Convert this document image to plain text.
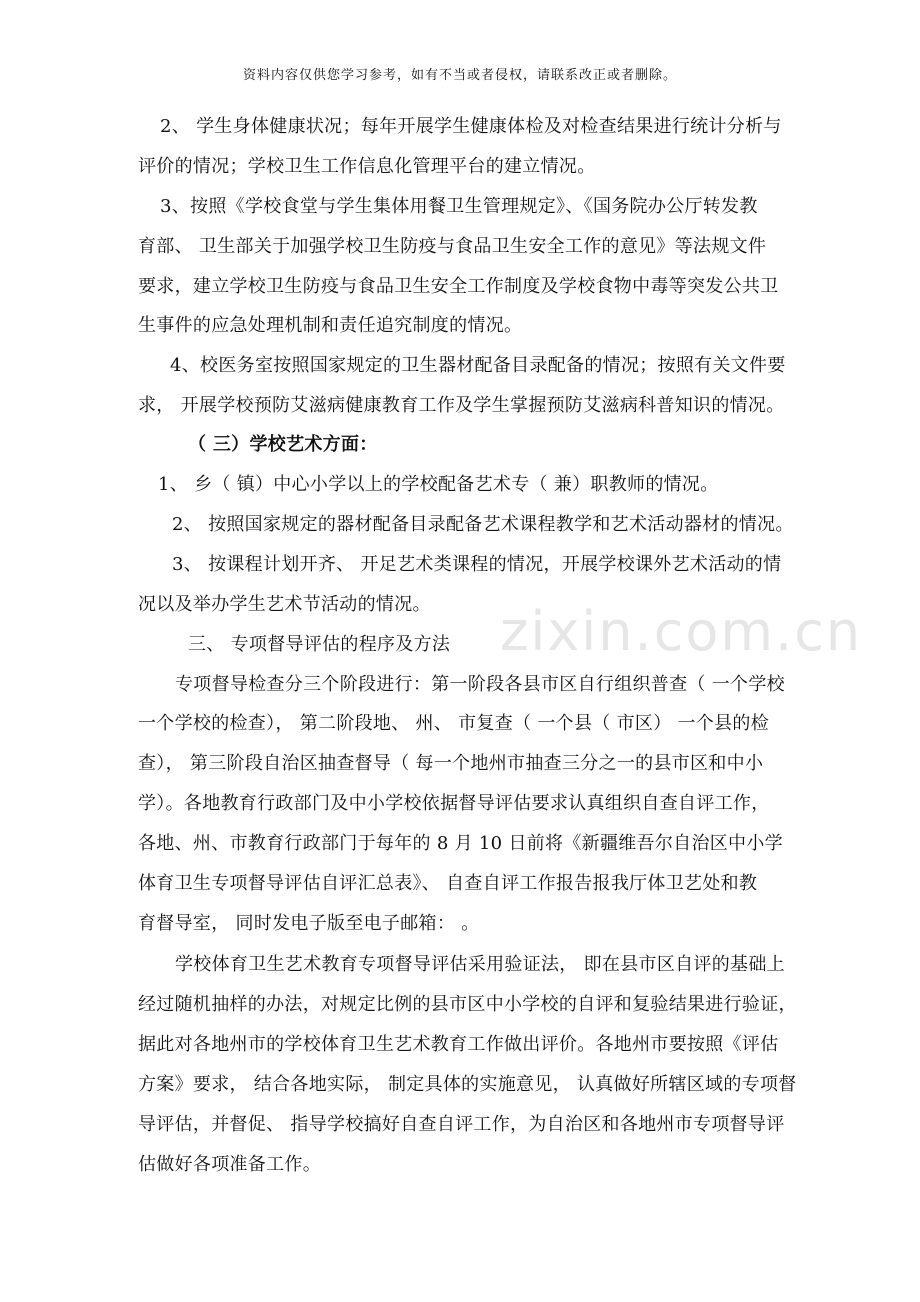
资料内容仅供您学习参考，如有不当或者侵权，请联系改正或者删除。
zixin.com.cn
2、 学生身体健康状况；每年开展学生健康体检及对检查结果进行统计分析与
评价的情况；学校卫生工作信息化管理平台的建立情况。
3、按照《学校食堂与学生集体用餐卫生管理规定》、《国务院办公厅转发教
育部、 卫生部关于加强学校卫生防疫与食品卫生安全工作的意见》等法规文件
要求，建立学校卫生防疫与食品卫生安全工作制度及学校食物中毒等突发公共卫
生事件的应急处理机制和责任追究制度的情况。
4、校医务室按照国家规定的卫生器材配备目录配备的情况；按照有关文件要
求， 开展学校预防艾滋病健康教育工作及学生掌握预防艾滋病科普知识的情况。
（ 三）学校艺术方面：
1、 乡（ 镇）中心小学以上的学校配备艺术专（ 兼）职教师的情况。
2、 按照国家规定的器材配备目录配备艺术课程教学和艺术活动器材的情况。
3、 按课程计划开齐、 开足艺术类课程的情况，开展学校课外艺术活动的情
况以及举办学生艺术节活动的情况。
三、 专项督导评估的程序及方法
专项督导检查分三个阶段进行：第一阶段各县市区自行组织普查（ 一个学校
一个学校的检查）， 第二阶段地、 州、 市复查（ 一个县（ 市区） 一个县的检
查）， 第三阶段自治区抽查督导（ 每一个地州市抽查三分之一的县市区和中小
学）。各地教育行政部门及中小学校依据督导评估要求认真组织自查自评工作，
各地、州、市教育行政部门于每年的 8 月 10 日前将《新疆维吾尔自治区中小学
体育卫生专项督导评估自评汇总表》、 自查自评工作报告报我厅体卫艺处和教
育督导室， 同时发电子版至电子邮箱： 。
学校体育卫生艺术教育专项督导评估采用验证法， 即在县市区自评的基础上
经过随机抽样的办法，对规定比例的县市区中小学校的自评和复验结果进行验证，
据此对各地州市的学校体育卫生艺术教育工作做出评价。各地州市要按照《评估
方案》要求， 结合各地实际， 制定具体的实施意见， 认真做好所辖区域的专项督
导评估，并督促、 指导学校搞好自查自评工作，为自治区和各地州市专项督导评
估做好各项准备工作。
